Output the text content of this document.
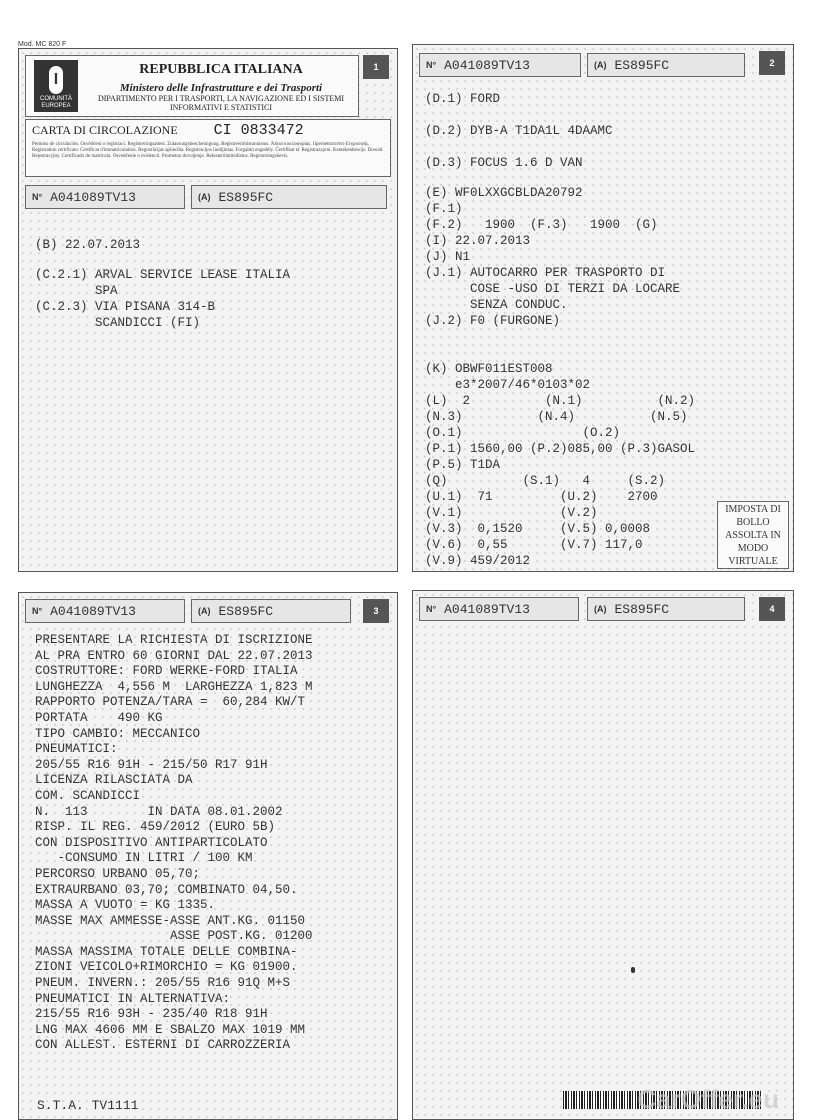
Mod. MC 820 F
I
COMUNITÀ EUROPEA
REPUBBLICA ITALIANA
Ministero delle Infrastrutture e dei Trasporti
DIPARTIMENTO PER I TRASPORTI, LA NAVIGAZIONE ED I SISTEMI INFORMATIVI E STATISTICI
1
CARTA DI CIRCOLAZIONE CI 0833472
Permiso de circulación. Osvědčení o registraci. Registreringsattest. Zulassungsbescheinigung. Registreerimistunnistus. Άδεια κυκλοφορίας. Ilpernetturuvtro Ετγροσφής. Registration certificate. Certificat d'immatriculation. Registrācijas apliecība. Registracijos liudijimas. Forgalmi engedély. Čertifikat ta' Registrazzjoni. Kentekenbewijs. Dowód Rejestracyjny. Certificado de matrícula. Osvedčenie o evidencii. Prometno dovoljenje. Rekisteröintitodistus. Registreringsbevis.
N° A041089TV13	(A) ES895FC
(B) 22.07.2013
(C.2.1) ARVAL SERVICE LEASE ITALIA
SPA
(C.2.3) VIA PISANA 314-B
SCANDICCI (FI)
N° A041089TV13	(A) ES895FC	2
(D.1) FORD
(D.2) DYB-A T1DA1L 4DAAMC
(D.3) FOCUS 1.6 D VAN
(E) WF0LXXGCBLDA20792
(F.1)
(F.2)   1900  (F.3)   1900  (G)
(I) 22.07.2013
(J) N1
(J.1) AUTOCARRO PER TRASPORTO DI
COSE -USO DI TERZI DA LOCARE
SENZA CONDUC.
(J.2) F0 (FURGONE)
(K) OBWF011EST008
e3*2007/46*0103*02
(L)  2          (N.1)          (N.2)
(N.3)          (N.4)          (N.5)
(O.1)                (O.2)
(P.1) 1560,00 (P.2)085,00 (P.3)GASOL
(P.5) T1DA
(Q)          (S.1)   4     (S.2)
(U.1)  71         (U.2)    2700
(V.1)             (V.2)
(V.3)  0,1520     (V.5) 0,0008
(V.6)  0,55       (V.7) 117,0
(V.9) 459/2012
IMPOSTA DI BOLLO ASSOLTA IN MODO VIRTUALE
N° A041089TV13	(A) ES895FC	3
PRESENTARE LA RICHIESTA DI ISCRIZIONE
AL PRA ENTRO 60 GIORNI DAL 22.07.2013
COSTRUTTORE: FORD WERKE-FORD ITALIA
LUNGHEZZA  4,556 M  LARGHEZZA 1,823 M
RAPPORTO POTENZA/TARA =  60,284 KW/T
PORTATA    490 KG
TIPO CAMBIO: MECCANICO
PNEUMATICI:
205/55 R16 91H - 215/50 R17 91H
LICENZA RILASCIATA DA
COM. SCANDICCI
N.  113        IN DATA 08.01.2002
RISP. IL REG. 459/2012 (EURO 5B)
CON DISPOSITIVO ANTIPARTICOLATO
-CONSUMO IN LITRI / 100 KM
PERCORSO URBANO 05,70;
EXTRAURBANO 03,70; COMBINATO 04,50.
MASSA A VUOTO = KG 1335.
MASSE MAX AMMESSE-ASSE ANT.KG. 01150
ASSE POST.KG. 01200
MASSA MASSIMA TOTALE DELLE COMBINA-
ZIONI VEICOLO+RIMORCHIO = KG 01900.
PNEUM. INVERN.: 205/55 R16 91Q M+S
PNEUMATICI IN ALTERNATIVA:
215/55 R16 93H - 235/40 R18 91H
LNG MAX 4606 MM E SBALZO MAX 1019 MM
CON ALLEST. ESTERNI DI CARROZZERIA
S.T.A. TV1111
N° A041089TV13	(A) ES895FC	4
CarOffer.eu
